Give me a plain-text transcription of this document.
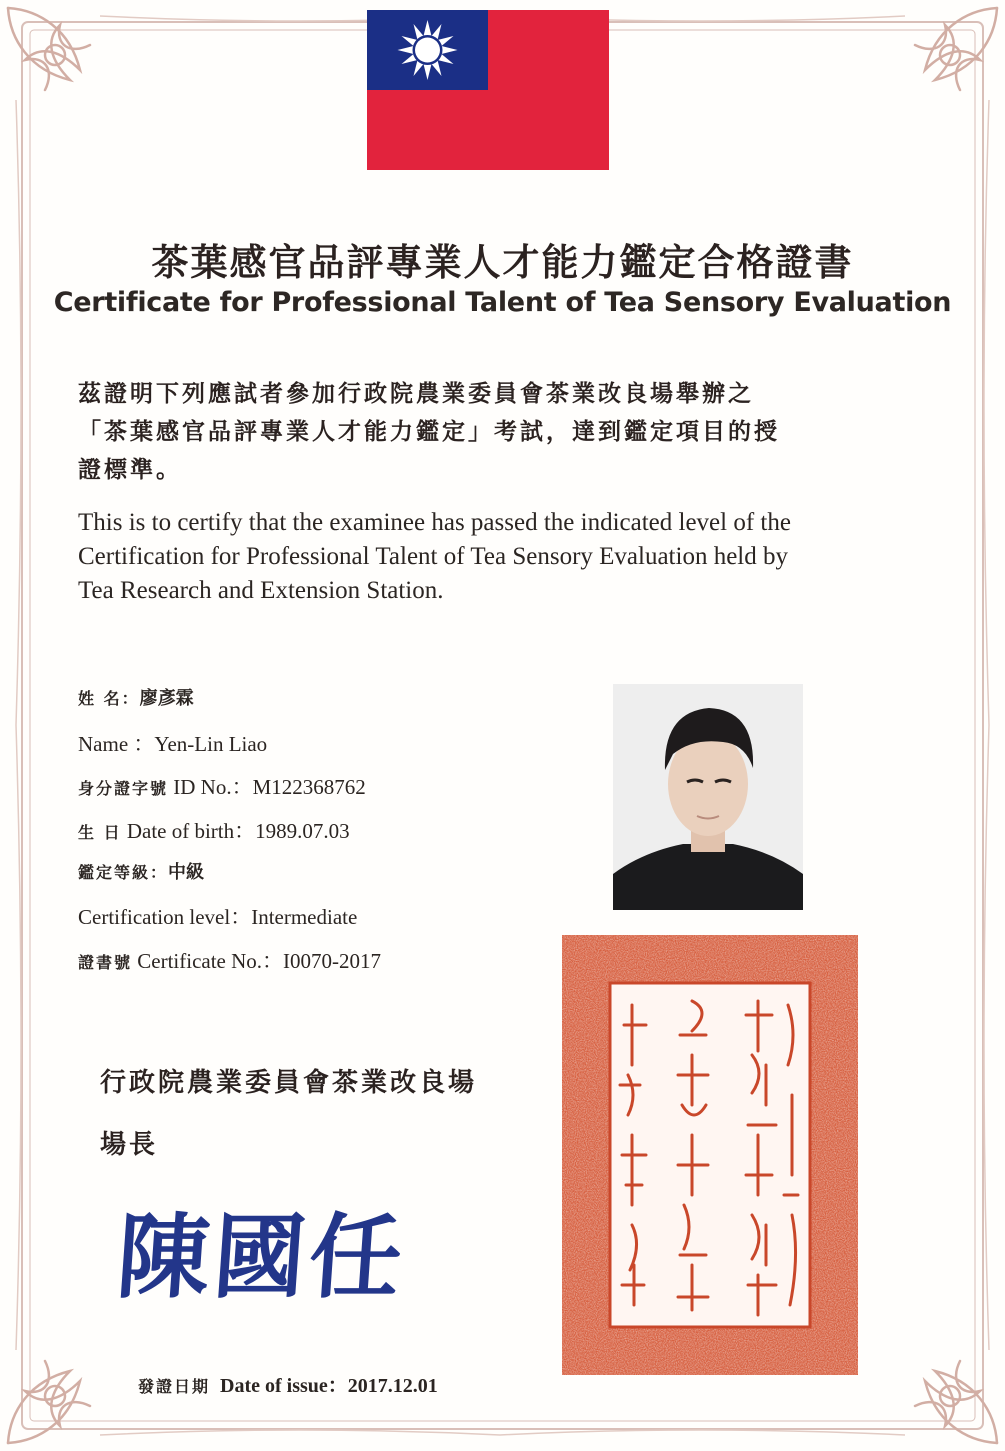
茶葉感官品評專業人才能力鑑定合格證書
Certificate for Professional Talent of Tea Sensory Evaluation
茲證明下列應試者參加行政院農業委員會茶業改良場舉辦之
「茶葉感官品評專業人才能力鑑定」考試，達到鑑定項目的授
證標準。
This is to certify that the examinee has passed the indicated level of the
Certification for Professional Talent of Tea Sensory Evaluation held by
Tea Research and Extension Station.
姓 名：廖彥霖
Name ：Yen-Lin Liao
身分證字號 ID No.：M122368762
生 日 Date of birth：1989.07.03
鑑定等級：中級
Certification level：Intermediate
證書號 Certificate No.：I0070-2017
行政院農業委員會茶業改良場
場長
陳國任
發證日期 Date of issue：2017.12.01
